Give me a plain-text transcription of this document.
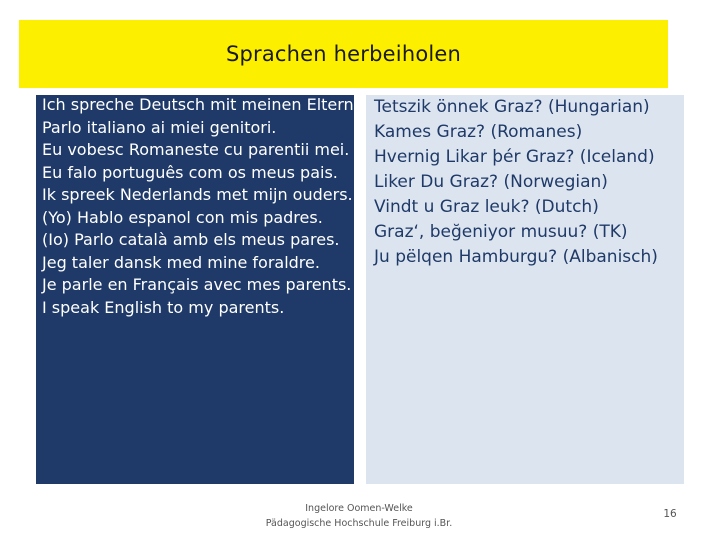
Sprachen herbeiholen
Ich spreche Deutsch mit meinen Eltern
Parlo italiano ai miei genitori.
Eu vobesc Romaneste cu parentii mei.
Eu falo português com os meus pais.
Ik spreek Nederlands met mijn ouders.
(Yo) Hablo espanol con mis padres.
(Io) Parlo català amb els meus pares.
Jeg taler dansk med mine foraldre.
Je parle en Français avec mes parents.
I speak English to my parents.
Tetszik önnek Graz? (Hungarian)
Kames Graz? (Romanes)
Hvernig Likar þér Graz? (Iceland)
Liker Du Graz? (Norwegian)
Vindt u Graz leuk? (Dutch)
Graz‘, beğeniyor musuu? (TK)
Ju pëlqen Hamburgu? (Albanisch)
Ingelore Oomen-Welke
Pädagogische Hochschule Freiburg i.Br.
16
